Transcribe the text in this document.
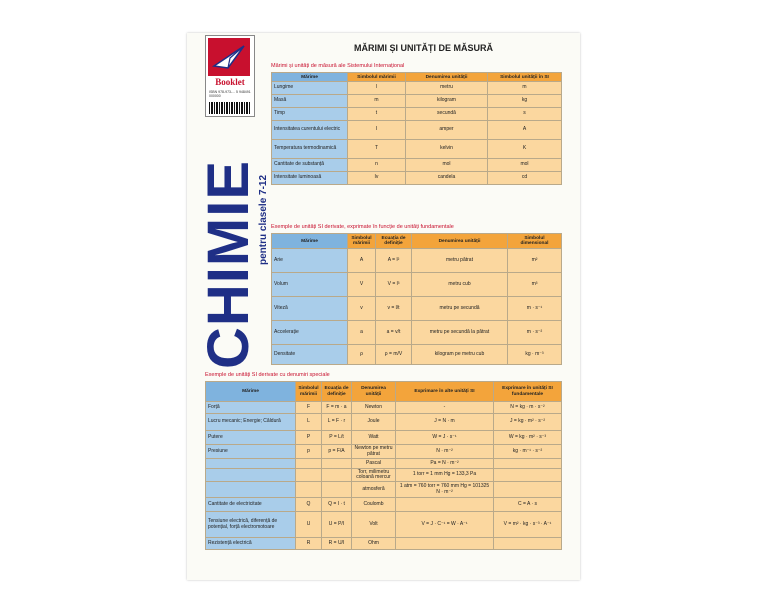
Booklet
ISBN 978-973-... 5 948491 000000
CHIMIE
pentru clasele 7-12
MĂRIMI ȘI UNITĂȚI DE MĂSURĂ
Mărimi și unități de măsură ale Sistemului Internațional
Mărime	Simbolul mărimii	Denumirea unității	Simbolul unității în SI
Lungime	l	metru	m
Masă	m	kilogram	kg
Timp	t	secundă	s
Intensitatea curentului electric	I	amper	A
Temperatura termodinamică	T	kelvin	K
Cantitate de substanță	n	mol	mol
Intensitate luminoasă	Iv	candela	cd
Exemple de unități SI derivate, exprimate în funcție de unități fundamentale
Mărime	Simbolul mărimii	Ecuația de definiție	Denumirea unității	Simbolul dimensional
Arie	A	A = l²	metru pătrat	m²
Volum	V	V = l³	metru cub	m³
Viteză	v	v = l/t	metru pe secundă	m · s⁻¹
Accelerație	a	a = v/t	metru pe secundă la pătrat	m · s⁻²
Densitate	ρ	ρ = m/V	kilogram pe metru cub	kg · m⁻³
Exemple de unități SI derivate cu denumiri speciale
Mărime	Simbolul mărimii	Ecuația de definiție	Denumirea unității	Exprimare în alte unități SI	Exprimare în unități SI fundamentale
Forță	F	F = m · a	Newton	-	N = kg · m · s⁻²
Lucru mecanic; Energie; Căldură	L	L = F · r	Joule	J = N · m	J = kg · m² · s⁻²
Putere	P	P = L/t	Watt	W = J · s⁻¹	W = kg · m² · s⁻³
Presiune	p	p = F/A	Newton pe metru pătrat	N · m⁻²	kg · m⁻¹ · s⁻²
			Pascal	Pa = N · m⁻²	
			Torr, milimetru coloană mercur	1 torr = 1 mm Hg = 133,3 Pa	
			atmosferă	1 atm = 760 torr = 760 mm Hg = 101325 N · m⁻²	
Cantitate de electricitate	Q	Q = I · t	Coulomb		C = A · s
Tensiune electrică, diferență de potențial, forță electromotoare	U	U = P/I	Volt	V = J · C⁻¹ = W · A⁻¹	V = m² · kg · s⁻³ · A⁻¹
Rezistență electrică	R	R = U/I	Ohm		
